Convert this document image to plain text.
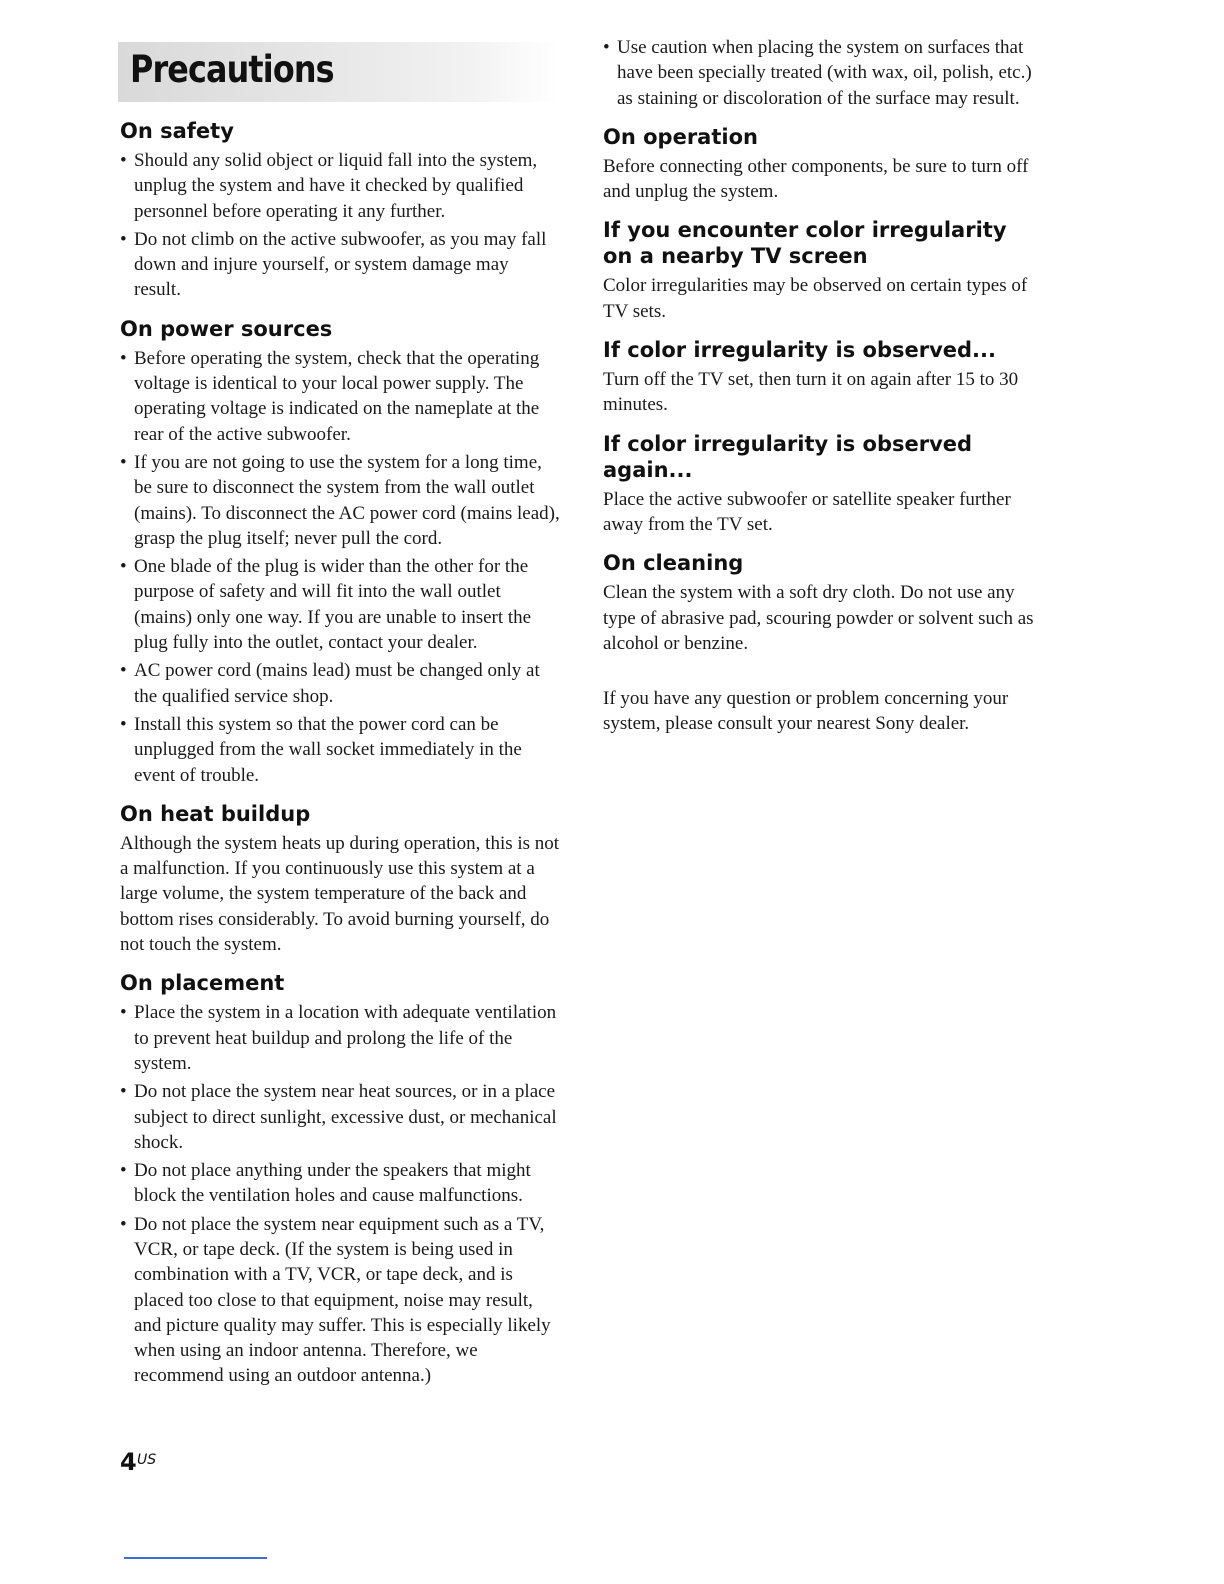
Precautions
On safety
• Should any solid object or liquid fall into the system, unplug the system and have it checked by qualified personnel before operating it any further.
• Do not climb on the active subwoofer, as you may fall down and injure yourself, or system damage may result.
On power sources
• Before operating the system, check that the operating voltage is identical to your local power supply. The operating voltage is indicated on the nameplate at the rear of the active subwoofer.
• If you are not going to use the system for a long time, be sure to disconnect the system from the wall outlet (mains). To disconnect the AC power cord (mains lead), grasp the plug itself; never pull the cord.
• One blade of the plug is wider than the other for the purpose of safety and will fit into the wall outlet (mains) only one way. If you are unable to insert the plug fully into the outlet, contact your dealer.
• AC power cord (mains lead) must be changed only at the qualified service shop.
• Install this system so that the power cord can be unplugged from the wall socket immediately in the event of trouble.
On heat buildup

Although the system heats up during operation, this is not a malfunction. If you continuously use this system at a large volume, the system temperature of the back and bottom rises considerably. To avoid burning yourself, do not touch the system.

On placement
• Place the system in a location with adequate ventilation to prevent heat buildup and prolong the life of the system.
• Do not place the system near heat sources, or in a place subject to direct sunlight, excessive dust, or mechanical shock.
• Do not place anything under the speakers that might block the ventilation holes and cause malfunctions.
• Do not place the system near equipment such as a TV, VCR, or tape deck. (If the system is being used in combination with a TV, VCR, or tape deck, and is placed too close to that equipment, noise may result, and picture quality may suffer. This is especially likely when using an indoor antenna. Therefore, we recommend using an outdoor antenna.)
• Use caution when placing the system on surfaces that have been specially treated (with wax, oil, polish, etc.) as staining or discoloration of the surface may result.
On operation

Before connecting other components, be sure to turn off and unplug the system.

If you encounter color irregularity on a nearby TV screen

Color irregularities may be observed on certain types of TV sets.

If color irregularity is observed...

Turn off the TV set, then turn it on again after 15 to 30 minutes.

If color irregularity is observed again...

Place the active subwoofer or satellite speaker further away from the TV set.

On cleaning

Clean the system with a soft dry cloth. Do not use any type of abrasive pad, scouring powder or solvent such as alcohol or benzine.

If you have any question or problem concerning your system, please consult your nearest Sony dealer.

4 US
